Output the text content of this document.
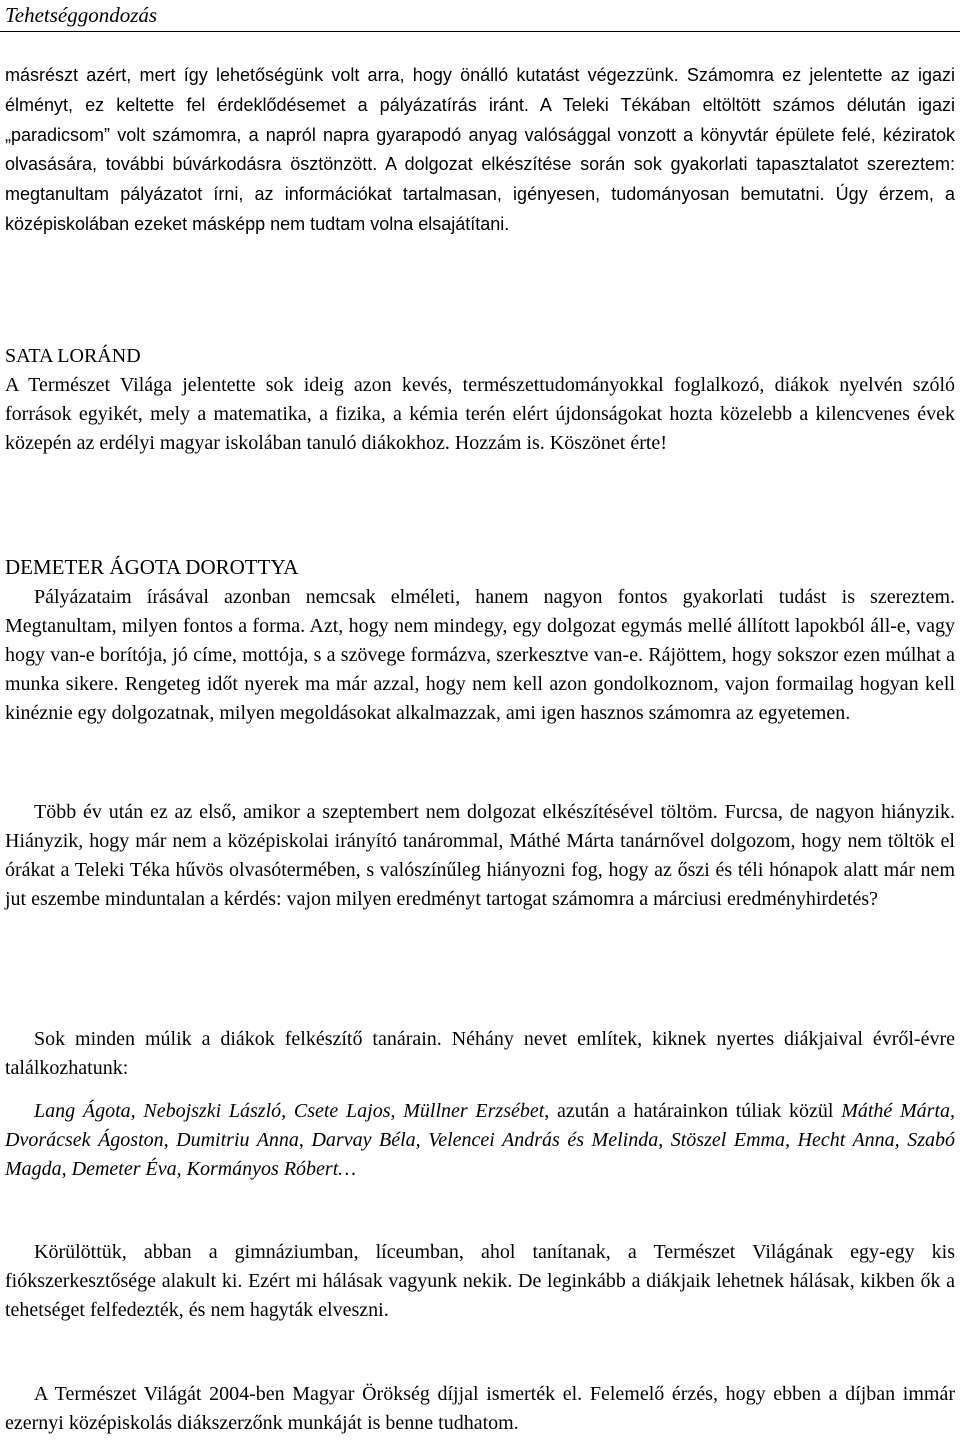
Tehetséggondozás

másrészt azért, mert így lehetőségünk volt arra, hogy önálló kutatást végezzünk. Számomra ez jelentette az igazi élményt, ez keltette fel érdeklődésemet a pályázatírás iránt. A Teleki Tékában eltöltött számos délután igazi „paradicsom” volt számomra, a napról napra gyarapodó anyag valósággal vonzott a könyvtár épülete felé, kéziratok olvasására, további búvárkodásra ösztönzött. A dolgozat elkészítése során sok gyakorlati tapasztalatot szereztem: megtanultam pályázatot írni, az információkat tartalmasan, igényesen, tudományosan bemutatni. Úgy érzem, a középiskolában ezeket másképp nem tudtam volna elsajátítani.

SATA LORÁND

A Természet Világa jelentette sok ideig azon kevés, természettudományokkal foglalkozó, diákok nyelvén szóló források egyikét, mely a matematika, a fizika, a kémia terén elért újdonságokat hozta közelebb a kilencvenes évek közepén az erdélyi magyar iskolában tanuló diákokhoz. Hozzám is. Köszönet érte!

DEMETER ÁGOTA DOROTTYA

Pályázataim írásával azonban nemcsak elméleti, hanem nagyon fontos gyakorlati tudást is szereztem. Megtanultam, milyen fontos a forma. Azt, hogy nem mindegy, egy dolgozat egymás mellé állított lapokból áll-e, vagy hogy van-e borítója, jó címe, mottója, s a szövege formázva, szerkesztve van-e. Rájöttem, hogy sokszor ezen múlhat a munka sikere. Rengeteg időt nyerek ma már azzal, hogy nem kell azon gondolkoznom, vajon formailag hogyan kell kinéznie egy dolgozatnak, milyen megoldásokat alkalmazzak, ami igen hasznos számomra az egyetemen.

Több év után ez az első, amikor a szeptembert nem dolgozat elkészítésével töltöm. Furcsa, de nagyon hiányzik. Hiányzik, hogy már nem a középiskolai irányító tanárommal, Máthé Márta tanárnővel dolgozom, hogy nem töltök el órákat a Teleki Téka hűvös olvasótermében, s valószínűleg hiányozni fog, hogy az őszi és téli hónapok alatt már nem jut eszembe minduntalan a kérdés: vajon milyen eredményt tartogat számomra a márciusi eredményhirdetés?

Sok minden múlik a diákok felkészítő tanárain. Néhány nevet említek, kiknek nyertes diákjaival évről-évre találkozhatunk:

Lang Ágota, Nebojszki László, Csete Lajos, Müllner Erzsébet, azután a határainkon túliak közül Máthé Márta, Dvorácsek Ágoston, Dumitriu Anna, Darvay Béla, Velencei András és Melinda, Stöszel Emma, Hecht Anna, Szabó Magda, Demeter Éva, Kormányos Róbert…

Körülöttük, abban a gimnáziumban, líceumban, ahol tanítanak, a Természet Világának egy-egy kis fiókszerkesztősége alakult ki. Ezért mi hálásak vagyunk nekik. De leginkább a diákjaik lehetnek hálásak, kikben ők a tehetséget felfedezték, és nem hagyták elveszni.

A Természet Világát 2004-ben Magyar Örökség díjjal ismerték el. Felemelő érzés, hogy ebben a díjban immár ezernyi középiskolás diákszerzőnk munkáját is benne tudhatom.
